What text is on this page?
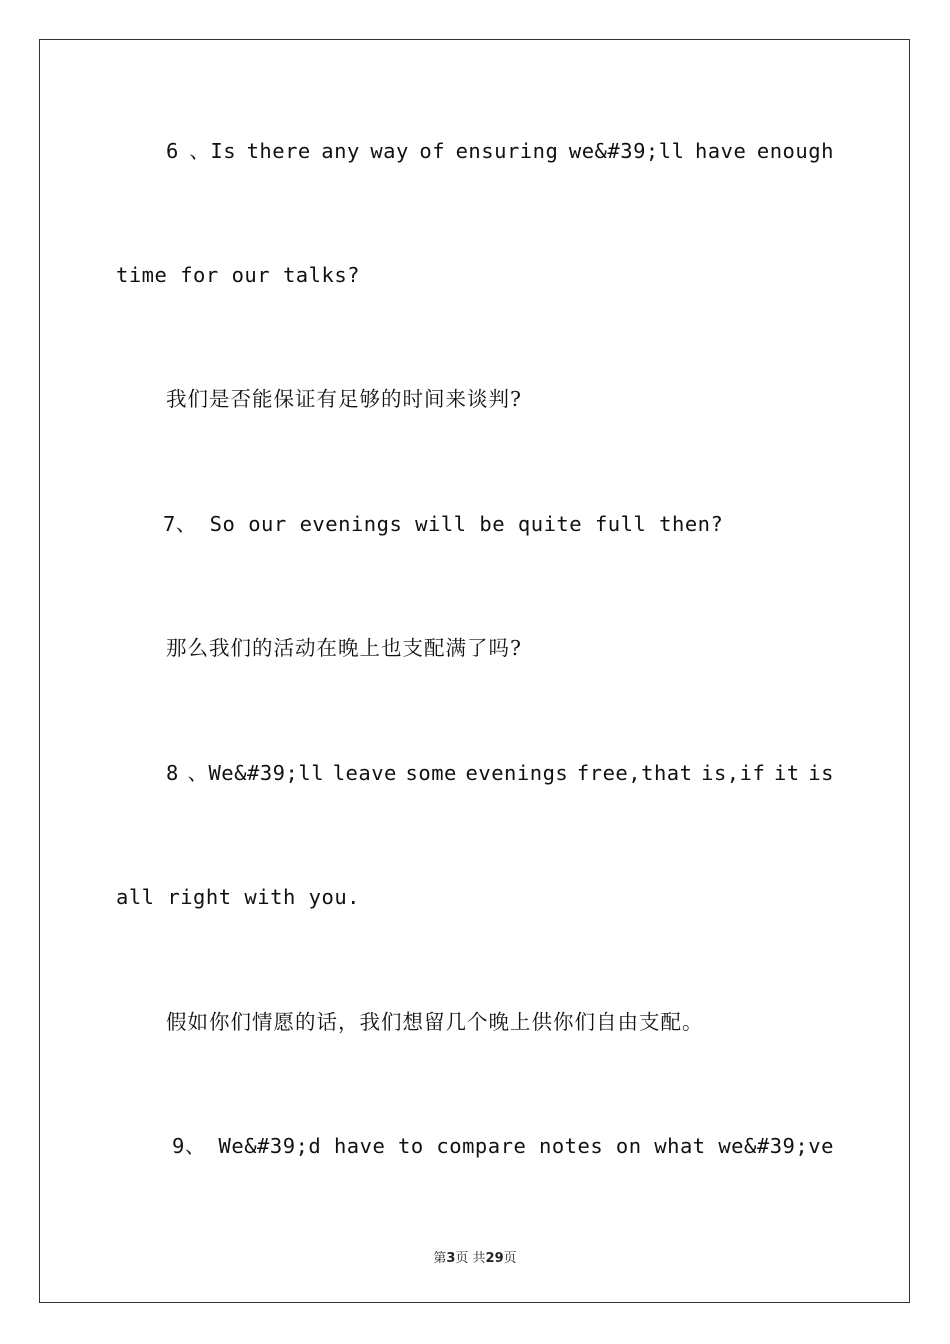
6 、Is there any way of ensuring we&#39;ll have enough
time for our talks?
我们是否能保证有足够的时间来谈判?
7、 So our evenings will be quite full then?
那么我们的活动在晚上也支配满了吗?
8 、We&#39;ll leave some evenings free,that is,if it is
all right with you.
假如你们情愿的话，我们想留几个晚上供你们自由支配。
9、 We&#39;d have to compare notes on what we&#39;ve
第3页 共29页
